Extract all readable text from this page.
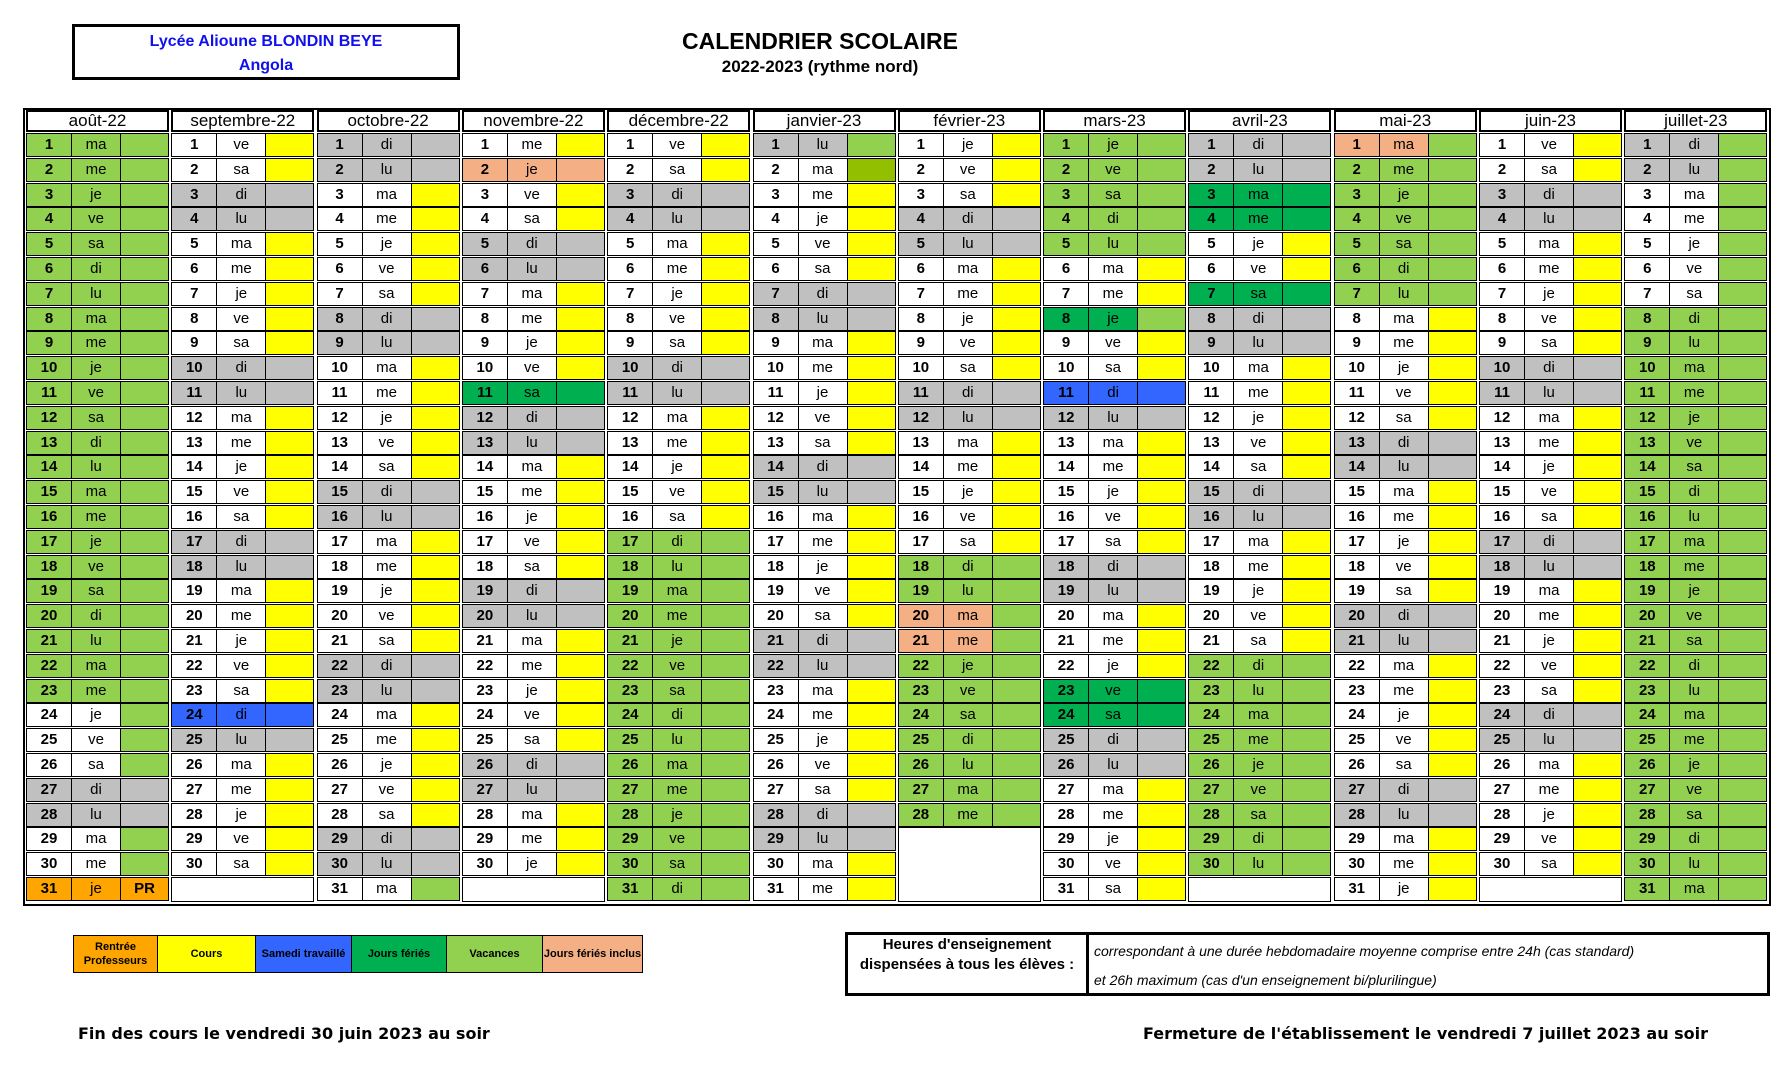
Lycée Alioune BLONDIN BEYE
Angola
CALENDRIER SCOLAIRE
2022-2023 (rythme nord)
août-22
1	ma
2	me
3	je
4	ve
5	sa
6	di
7	lu
8	ma
9	me
10	je
11	ve
12	sa
13	di
14	lu
15	ma
16	me
17	je
18	ve
19	sa
20	di
21	lu
22	ma
23	me
24	je
25	ve
26	sa
27	di
28	lu
29	ma
30	me
31	je	PR
septembre-22
1	ve
2	sa
3	di
4	lu
5	ma
6	me
7	je
8	ve
9	sa
10	di
11	lu
12	ma
13	me
14	je
15	ve
16	sa
17	di
18	lu
19	ma
20	me
21	je
22	ve
23	sa
24	di
25	lu
26	ma
27	me
28	je
29	ve
30	sa
octobre-22
1	di
2	lu
3	ma
4	me
5	je
6	ve
7	sa
8	di
9	lu
10	ma
11	me
12	je
13	ve
14	sa
15	di
16	lu
17	ma
18	me
19	je
20	ve
21	sa
22	di
23	lu
24	ma
25	me
26	je
27	ve
28	sa
29	di
30	lu
31	ma
novembre-22
1	me
2	je
3	ve
4	sa
5	di
6	lu
7	ma
8	me
9	je
10	ve
11	sa
12	di
13	lu
14	ma
15	me
16	je
17	ve
18	sa
19	di
20	lu
21	ma
22	me
23	je
24	ve
25	sa
26	di
27	lu
28	ma
29	me
30	je
décembre-22
1	ve
2	sa
3	di
4	lu
5	ma
6	me
7	je
8	ve
9	sa
10	di
11	lu
12	ma
13	me
14	je
15	ve
16	sa
17	di
18	lu
19	ma
20	me
21	je
22	ve
23	sa
24	di
25	lu
26	ma
27	me
28	je
29	ve
30	sa
31	di
janvier-23
1	lu
2	ma
3	me
4	je
5	ve
6	sa
7	di
8	lu
9	ma
10	me
11	je
12	ve
13	sa
14	di
15	lu
16	ma
17	me
18	je
19	ve
20	sa
21	di
22	lu
23	ma
24	me
25	je
26	ve
27	sa
28	di
29	lu
30	ma
31	me
février-23
1	je
2	ve
3	sa
4	di
5	lu
6	ma
7	me
8	je
9	ve
10	sa
11	di
12	lu
13	ma
14	me
15	je
16	ve
17	sa
18	di
19	lu
20	ma
21	me
22	je
23	ve
24	sa
25	di
26	lu
27	ma
28	me
mars-23
1	je
2	ve
3	sa
4	di
5	lu
6	ma
7	me
8	je
9	ve
10	sa
11	di
12	lu
13	ma
14	me
15	je
16	ve
17	sa
18	di
19	lu
20	ma
21	me
22	je
23	ve
24	sa
25	di
26	lu
27	ma
28	me
29	je
30	ve
31	sa
avril-23
1	di
2	lu
3	ma
4	me
5	je
6	ve
7	sa
8	di
9	lu
10	ma
11	me
12	je
13	ve
14	sa
15	di
16	lu
17	ma
18	me
19	je
20	ve
21	sa
22	di
23	lu
24	ma
25	me
26	je
27	ve
28	sa
29	di
30	lu
mai-23
1	ma
2	me
3	je
4	ve
5	sa
6	di
7	lu
8	ma
9	me
10	je
11	ve
12	sa
13	di
14	lu
15	ma
16	me
17	je
18	ve
19	sa
20	di
21	lu
22	ma
23	me
24	je
25	ve
26	sa
27	di
28	lu
29	ma
30	me
31	je
juin-23
1	ve
2	sa
3	di
4	lu
5	ma
6	me
7	je
8	ve
9	sa
10	di
11	lu
12	ma
13	me
14	je
15	ve
16	sa
17	di
18	lu
19	ma
20	me
21	je
22	ve
23	sa
24	di
25	lu
26	ma
27	me
28	je
29	ve
30	sa
juillet-23
1	di
2	lu
3	ma
4	me
5	je
6	ve
7	sa
8	di
9	lu
10	ma
11	me
12	je
13	ve
14	sa
15	di
16	lu
17	ma
18	me
19	je
20	ve
21	sa
22	di
23	lu
24	ma
25	me
26	je
27	ve
28	sa
29	di
30	lu
31	ma
Rentrée Professeurs
Cours	Samedi travaillé	Jours fériés	Vacances	Jours fériés inclus
Heures d'enseignement dispensées à tous les élèves :
correspondant à une durée hebdomadaire moyenne comprise entre 24h (cas standard)
et 26h maximum (cas d'un enseignement bi/plurilingue)
Fin des cours le vendredi 30 juin 2023 au soir	Fermeture de l'établissement le vendredi 7 juillet 2023 au soir
